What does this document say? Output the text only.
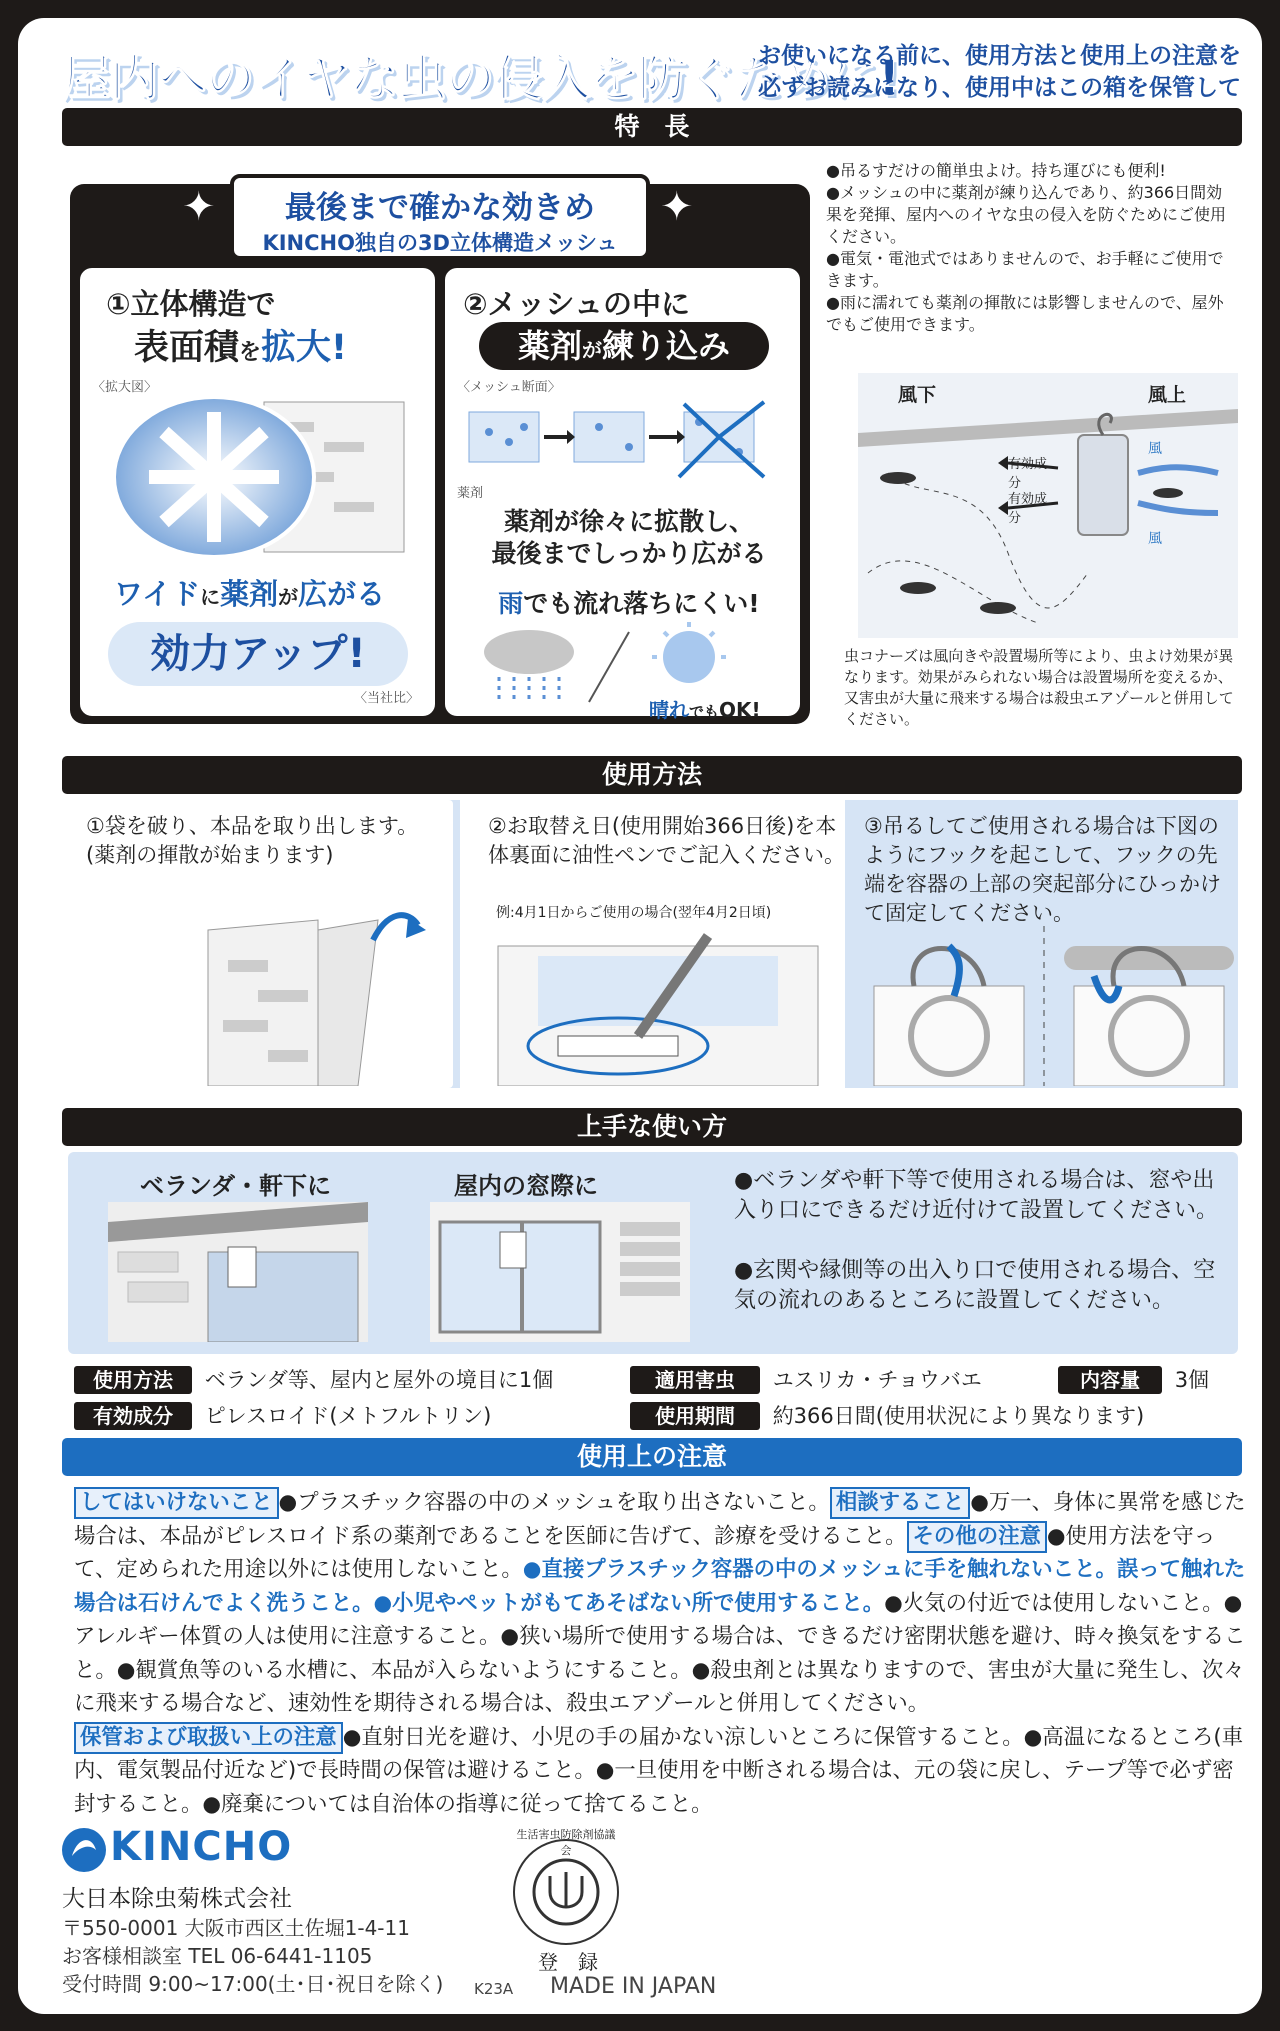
屋内へのイヤな虫の侵入を防ぐために!
お使いになる前に、使用方法と使用上の注意を必ずお読みになり、使用中はこの箱を保管して
特　長
最後まで確かな効きめ
KINCHO独自の3D立体構造メッシュ
✦	✦
①立体構造で
表面積を拡大!
〈拡大図〉
ワイドに薬剤が広がる
効力アップ!
〈当社比〉
②メッシュの中に
薬剤が練り込み
〈メッシュ断面〉
薬剤
薬剤が徐々に拡散し、
最後までしっかり広がる
雨でも流れ落ちにくい!
晴れでもOK!
●吊るすだけの簡単虫よけ。持ち運びにも便利!
●メッシュの中に薬剤が練り込んであり、約366日間効果を発揮、屋内へのイヤな虫の侵入を防ぐためにご使用ください。
●電気・電池式ではありませんので、お手軽にご使用できます。
●雨に濡れても薬剤の揮散には影響しませんので、屋外でもご使用できます。
風下	風上
有効成分
有効成分
風
風
虫コナーズは風向きや設置場所等により、虫よけ効果が異なります。効果がみられない場合は設置場所を変えるか、又害虫が大量に飛来する場合は殺虫エアゾールと併用してください。
使用方法
①袋を破り、本品を取り出します。(薬剤の揮散が始まります)
②お取替え日(使用開始366日後)を本体裏面に油性ペンでご記入ください。
例:4月1日からご使用の場合(翌年4月2日頃)
③吊るしてご使用される場合は下図のようにフックを起こして、フックの先端を容器の上部の突起部分にひっかけて固定してください。
上手な使い方
ベランダ・軒下に	屋内の窓際に	●ベランダや軒下等で使用される場合は、窓や出入り口にできるだけ近付けて設置してください。
●玄関や縁側等の出入り口で使用される場合、空気の流れのあるところに設置してください。
使用方法 ベランダ等、屋内と屋外の境目に1個	適用害虫 ユスリカ・チョウバエ	内容量 3個
有効成分 ピレスロイド(メトフルトリン)	使用期間 約366日間(使用状況により異なります)
使用上の注意
してはいけないこと ●プラスチック容器の中のメッシュを取り出さないこと。 相談すること ●万一、身体に異常を感じた場合は、本品がピレスロイド系の薬剤であることを医師に告げて、診療を受けること。 その他の注意 ●使用方法を守って、定められた用途以外には使用しないこと。●直接プラスチック容器の中のメッシュに手を触れないこと。誤って触れた場合は石けんでよく洗うこと。●小児やペットがもてあそばない所で使用すること。●火気の付近では使用しないこと。●アレルギー体質の人は使用に注意すること。●狭い場所で使用する場合は、できるだけ密閉状態を避け、時々換気をすること。●観賞魚等のいる水槽に、本品が入らないようにすること。●殺虫剤とは異なりますので、害虫が大量に発生し、次々に飛来する場合など、速効性を期待される場合は、殺虫エアゾールと併用してください。
保管および取扱い上の注意 ●直射日光を避け、小児の手の届かない涼しいところに保管すること。●高温になるところ(車内、電気製品付近など)で長時間の保管は避けること。●一旦使用を中断される場合は、元の袋に戻し、テープ等で必ず密封すること。●廃棄については自治体の指導に従って捨てること。
KINCHO
大日本除虫菊株式会社
〒550-0001 大阪市西区土佐堀1-4-11
お客様相談室 TEL 06-6441-1105
受付時間 9:00~17:00(土･日･祝日を除く)
生活害虫防除剤協議会
登　録
K23A MADE IN JAPAN
